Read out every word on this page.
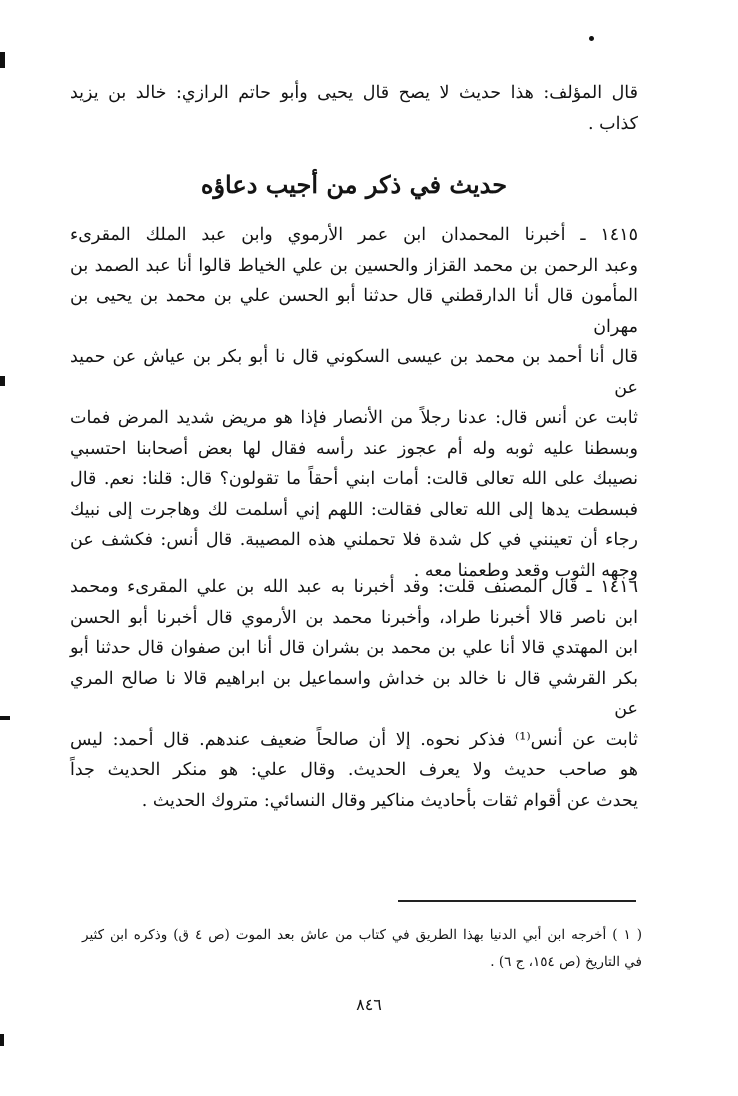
قال المؤلف: هذا حديث لا يصح قال يحيى وأبو حاتم الرازي: خالد بن يزيد
كذاب .
حديث في ذكر من أجيب دعاؤه
١٤١٥ ـ أخبرنا المحمدان ابن عمر الأرموي وابن عبد الملك المقرىء
وعبد الرحمن بن محمد القزاز والحسين بن علي الخياط قالوا أنا عبد الصمد بن
المأمون قال أنا الدارقطني قال حدثنا أبو الحسن علي بن محمد بن يحيى بن مهران
قال أنا أحمد بن محمد بن عيسى السكوني قال نا أبو بكر بن عياش عن حميد عن
ثابت عن أنس قال: عدنا رجلاً من الأنصار فإذا هو مريض شديد المرض فمات
وبسطنا عليه ثوبه وله أم عجوز عند رأسه فقال لها بعض أصحابنا احتسبي
نصيبك على الله تعالى قالت: أمات ابني أحقاً ما تقولون؟ قال: قلنا: نعم. قال
فبسطت يدها إلى الله تعالى فقالت: اللهم إني أسلمت لك وهاجرت إلى نبيك
رجاء أن تعينني في كل شدة فلا تحملني هذه المصيبة. قال أنس: فكشف عن
وجهه الثوب وقعد وطعمنا معه .
١٤١٦ ـ قال المصنف قلت: وقد أخبرنا به عبد الله بن علي المقرىء ومحمد
ابن ناصر قالا أخبرنا طراد، وأخبرنا محمد بن الأرموي قال أخبرنا أبو الحسن
ابن المهتدي قالا أنا علي بن محمد بن بشران قال أنا ابن صفوان قال حدثنا أبو
بكر القرشي قال نا خالد بن خداش واسماعيل بن ابراهيم قالا نا صالح المري عن
ثابت عن أنس⁽¹⁾ فذكر نحوه. إلا أن صالحاً ضعيف عندهم. قال أحمد: ليس
هو صاحب حديث ولا يعرف الحديث. وقال علي: هو منكر الحديث جداً
يحدث عن أقوام ثقات بأحاديث مناكير وقال النسائي: متروك الحديث .
( ١ ) أخرجه ابن أبي الدنيا بهذا الطريق في كتاب من عاش بعد الموت (ص ٤ ق) وذكره ابن كثير
في التاريخ (ص ١٥٤، ج ٦) .
٨٤٦
